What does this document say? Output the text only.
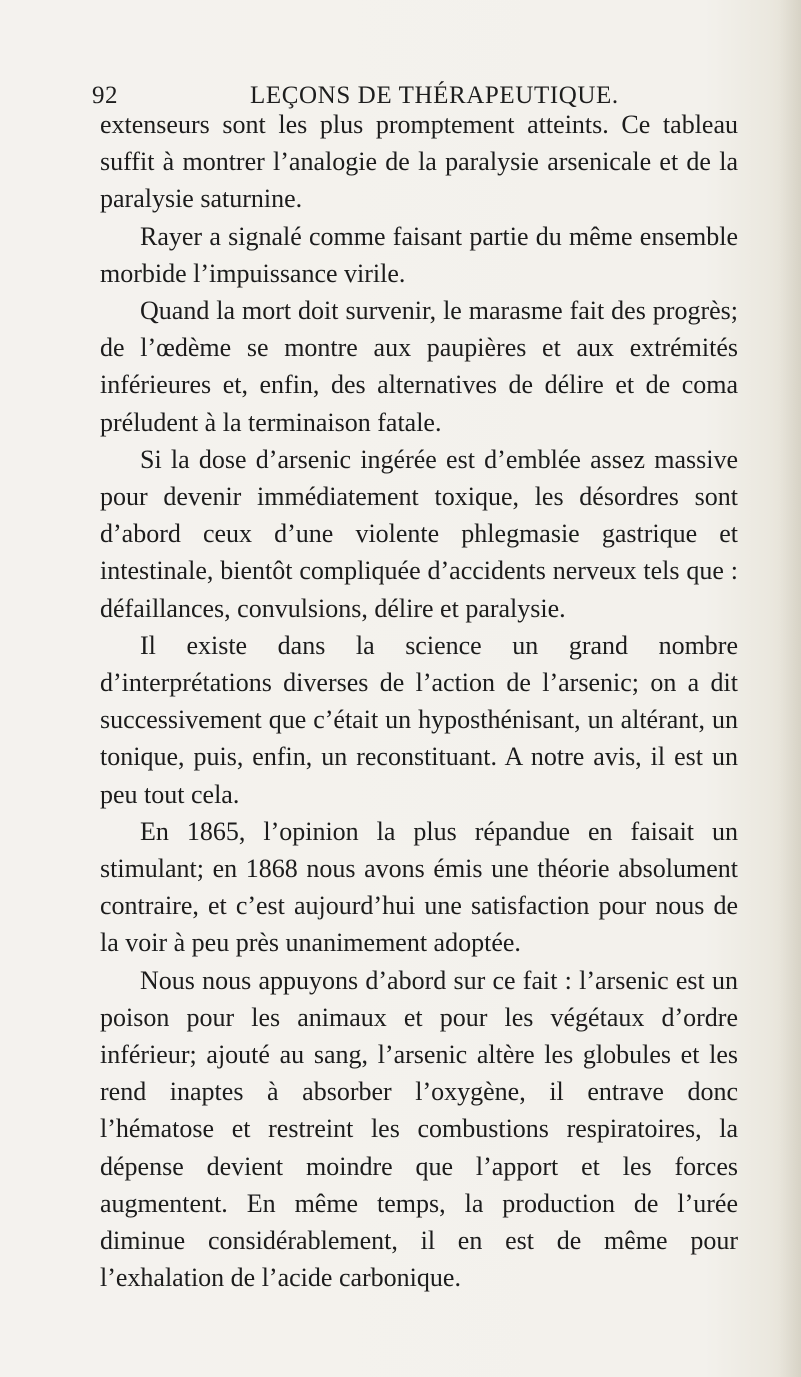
92	LEÇONS DE THÉRAPEUTIQUE.

extenseurs sont les plus promptement atteints. Ce tableau suffit à montrer l’analogie de la paralysie arsenicale et de la paralysie saturnine.

Rayer a signalé comme faisant partie du même ensemble morbide l’impuissance virile.

Quand la mort doit survenir, le marasme fait des progrès; de l’œdème se montre aux paupières et aux extrémités inférieures et, enfin, des alternatives de délire et de coma préludent à la terminaison fatale.

Si la dose d’arsenic ingérée est d’emblée assez massive pour devenir immédiatement toxique, les désordres sont d’abord ceux d’une violente phlegmasie gastrique et intestinale, bientôt compliquée d’accidents nerveux tels que : défaillances, convulsions, délire et paralysie.

Il existe dans la science un grand nombre d’interprétations diverses de l’action de l’arsenic; on a dit successivement que c’était un hyposthénisant, un altérant, un tonique, puis, enfin, un reconstituant. A notre avis, il est un peu tout cela.

En 1865, l’opinion la plus répandue en faisait un stimulant; en 1868 nous avons émis une théorie absolument contraire, et c’est aujourd’hui une satisfaction pour nous de la voir à peu près unanimement adoptée.

Nous nous appuyons d’abord sur ce fait : l’arsenic est un poison pour les animaux et pour les végétaux d’ordre inférieur; ajouté au sang, l’arsenic altère les globules et les rend inaptes à absorber l’oxygène, il entrave donc l’hématose et restreint les combustions respiratoires, la dépense devient moindre que l’apport et les forces augmentent. En même temps, la production de l’urée diminue considérablement, il en est de même pour l’exhalation de l’acide carbonique.
